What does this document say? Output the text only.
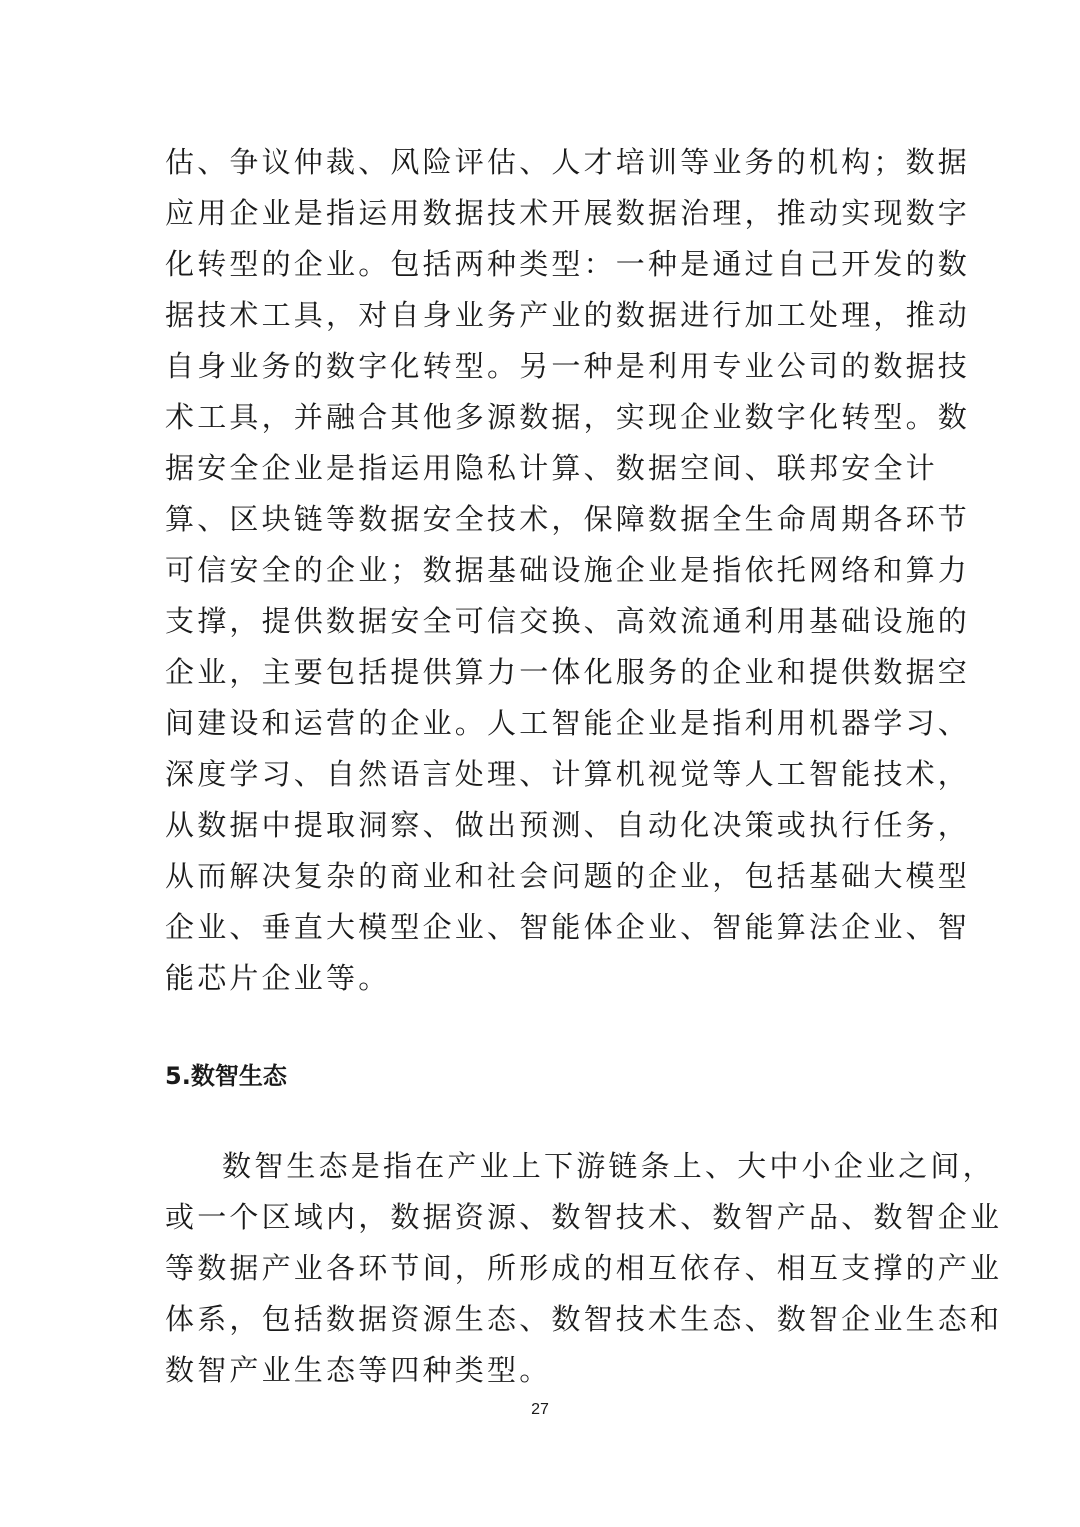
估、争议仲裁、风险评估、人才培训等业务的机构；数据
应用企业是指运用数据技术开展数据治理，推动实现数字
化转型的企业。包括两种类型：一种是通过自己开发的数
据技术工具，对自身业务产业的数据进行加工处理，推动
自身业务的数字化转型。另一种是利用专业公司的数据技
术工具，并融合其他多源数据，实现企业数字化转型。数
据安全企业是指运用隐私计算、数据空间、联邦安全计
算、区块链等数据安全技术，保障数据全生命周期各环节
可信安全的企业；数据基础设施企业是指依托网络和算力
支撑，提供数据安全可信交换、高效流通利用基础设施的
企业，主要包括提供算力一体化服务的企业和提供数据空
间建设和运营的企业。人工智能企业是指利用机器学习、
深度学习、自然语言处理、计算机视觉等人工智能技术，
从数据中提取洞察、做出预测、自动化决策或执行任务，
从而解决复杂的商业和社会问题的企业，包括基础大模型
企业、垂直大模型企业、智能体企业、智能算法企业、智
能芯片企业等。
5.数智生态
数智生态是指在产业上下游链条上、大中小企业之间，
或一个区域内，数据资源、数智技术、数智产品、数智企业
等数据产业各环节间，所形成的相互依存、相互支撑的产业
体系，包括数据资源生态、数智技术生态、数智企业生态和
数智产业生态等四种类型。
27
